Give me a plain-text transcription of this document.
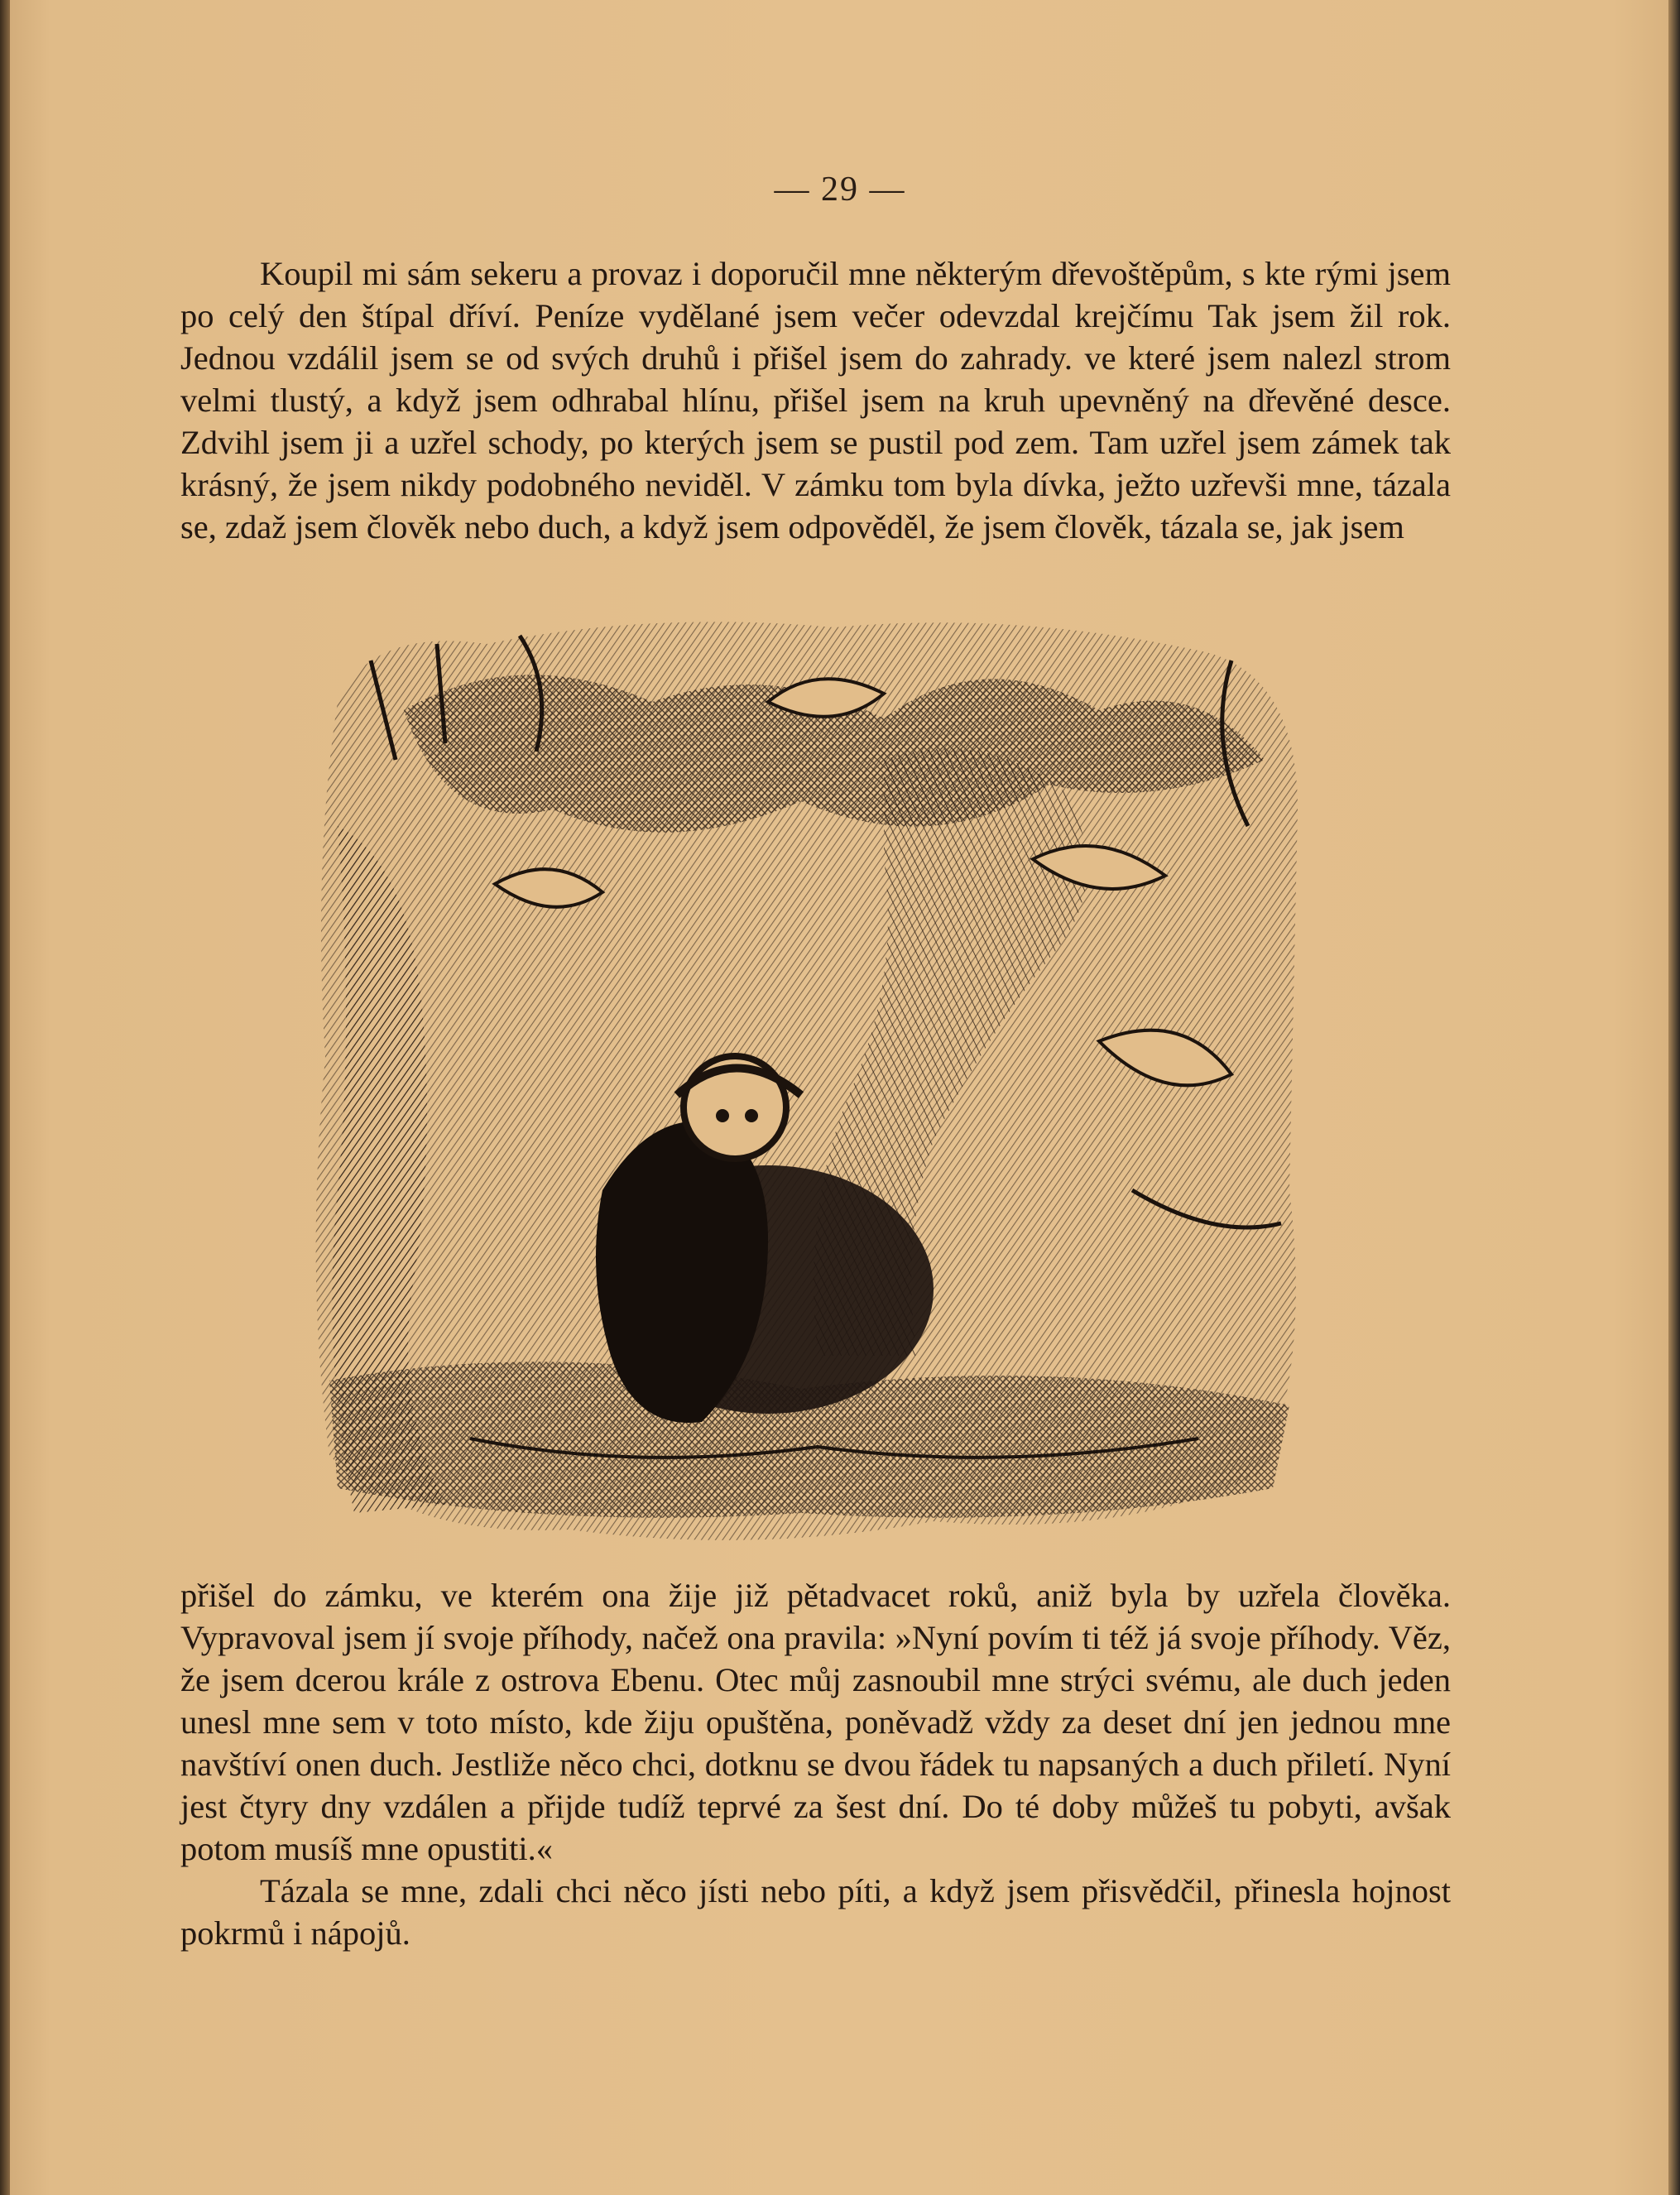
— 29 —

Koupil mi sám sekeru a provaz i doporučil mne některým dřevoštěpům, s kte rými jsem po celý den štípal dříví. Peníze vydělané jsem večer odevzdal krejčímu Tak jsem žil rok. Jednou vzdálil jsem se od svých druhů i přišel jsem do zahrady. ve které jsem nalezl strom velmi tlustý, a když jsem odhrabal hlínu, přišel jsem na kruh upevněný na dřevěné desce. Zdvihl jsem ji a uzřel schody, po kterých jsem se pustil pod zem. Tam uzřel jsem zámek tak krásný, že jsem nikdy podobného neviděl. V zámku tom byla dívka, ježto uzřevši mne, tázala se, zdaž jsem člověk nebo duch, a když jsem odpověděl, že jsem člověk, tázala se, jak jsem

přišel do zámku, ve kterém ona žije již pětadvacet roků, aniž byla by uzřela člověka. Vypravoval jsem jí svoje příhody, načež ona pravila: »Nyní povím ti též já svoje příhody. Věz, že jsem dcerou krále z ostrova Ebenu. Otec můj zasnoubil mne strýci svému, ale duch jeden unesl mne sem v toto místo, kde žiju opuštěna, poněvadž vždy za deset dní jen jednou mne navštíví onen duch. Jestliže něco chci, dotknu se dvou řádek tu napsaných a duch přiletí. Nyní jest čtyry dny vzdálen a přijde tudíž teprvé za šest dní. Do té doby můžeš tu pobyti, avšak potom musíš mne opustiti.«

Tázala se mne, zdali chci něco jísti nebo píti, a když jsem přisvědčil, přinesla hojnost pokrmů i nápojů.
